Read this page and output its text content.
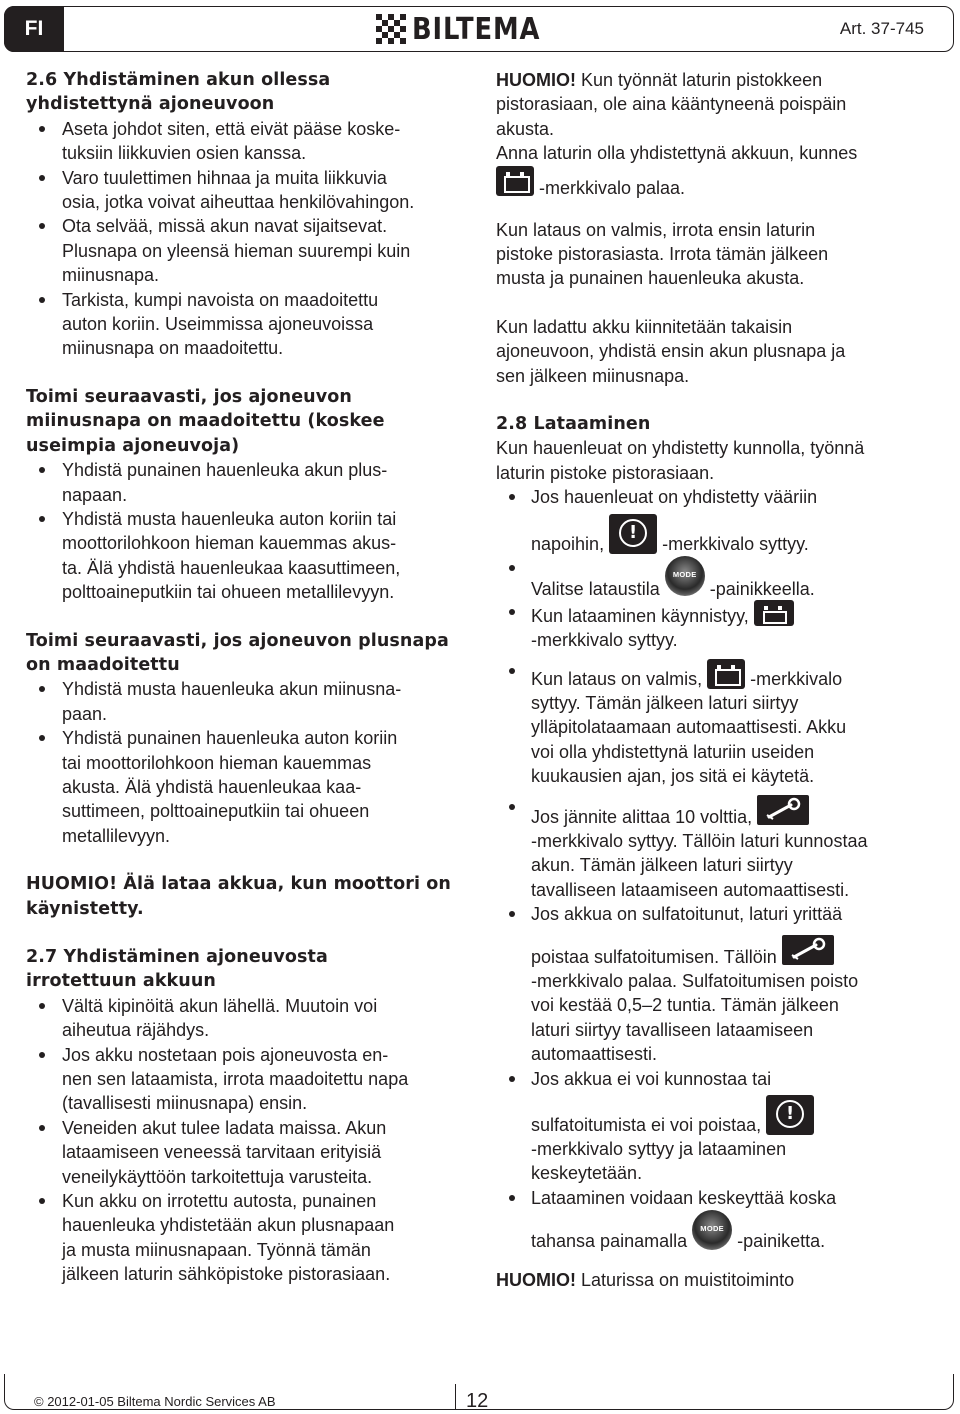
FI	BILTEMA	Art. 37-745
2.6 Yhdistäminen akun ollessa
yhdistettynä ajoneuvoon
Aseta johdot siten, että eivät pääse koske-
tuksiin liikkuvien osien kanssa.
Varo tuulettimen hihnaa ja muita liikkuvia
osia, jotka voivat aiheuttaa henkilövahingon.
Ota selvää, missä akun navat sijaitsevat.
Plusnapa on yleensä hieman suurempi kuin
miinusnapa.
Tarkista, kumpi navoista on maadoitettu
auton koriin. Useimmissa ajoneuvoissa
miinusnapa on maadoitettu.
Toimi seuraavasti, jos ajoneuvon
miinusnapa on maadoitettu (koskee
useimpia ajoneuvoja)
Yhdistä punainen hauenleuka akun plus-
napaan.
Yhdistä musta hauenleuka auton koriin tai
moottorilohkoon hieman kauemmas akus-
ta. Älä yhdistä hauenleukaa kaasuttimeen,
polttoaineputkiin tai ohueen metallilevyyn.
Toimi seuraavasti, jos ajoneuvon plusnapa
on maadoitettu
Yhdistä musta hauenleuka akun miinusna-
paan.
Yhdistä punainen hauenleuka auton koriin
tai moottorilohkoon hieman kauemmas
akusta. Älä yhdistä hauenleukaa kaa-
suttimeen, polttoaineputkiin tai ohueen
metallilevyyn.
HUOMIO! Älä lataa akkua, kun moottori on
käynistetty.
2.7 Yhdistäminen ajoneuvosta
irrotettuun akkuun
Vältä kipinöitä akun lähellä. Muutoin voi
aiheutua räjähdys.
Jos akku nostetaan pois ajoneuvosta en-
nen sen lataamista, irrota maadoitettu napa
(tavallisesti miinusnapa) ensin.
Veneiden akut tulee ladata maissa. Akun
lataamiseen veneessä tarvitaan erityisiä
veneilykäyttöön tarkoitettuja varusteita.
Kun akku on irrotettu autosta, punainen
hauenleuka yhdistetään akun plusnapaan
ja musta miinusnapaan. Työnnä tämän
jälkeen laturin sähköpistoke pistorasiaan.
HUOMIO! Kun työnnät laturin pistokkeen
pistorasiaan, ole aina kääntyneenä poispäin
akusta.
Anna laturin olla yhdistettynä akkuun, kunnes
-merkkivalo palaa.
Kun lataus on valmis, irrota ensin laturin
pistoke pistorasiasta. Irrota tämän jälkeen
musta ja punainen hauenleuka akusta.
Kun ladattu akku kiinnitetään takaisin
ajoneuvoon, yhdistä ensin akun plusnapa ja
sen jälkeen miinusnapa.
2.8 Lataaminen
Kun hauenleuat on yhdistetty kunnolla, työnnä
laturin pistoke pistorasiaan.
Jos hauenleuat on yhdistetty vääriin
napoihin,
!
-merkkivalo syttyy.
Valitse lataustila
MODE
-painikkeella.
Kun lataaminen käynnistyy,
-merkkivalo syttyy.
Kun lataus on valmis,  -merkkivalo
syttyy. Tämän jälkeen laturi siirtyy
ylläpitolataamaan automaattisesti. Akku
voi olla yhdistettynä laturiin useiden
kuukausien ajan, jos sitä ei käytetä.
Jos jännite alittaa 10 volttia,
-merkkivalo syttyy. Tällöin laturi kunnostaa
akun. Tämän jälkeen laturi siirtyy
tavalliseen lataamiseen automaattisesti.
Jos akkua on sulfatoitunut, laturi yrittää
poistaa sulfatoitumisen. Tällöin
-merkkivalo palaa. Sulfatoitumisen poisto
voi kestää 0,5–2 tuntia. Tämän jälkeen
laturi siirtyy tavalliseen lataamiseen
automaattisesti.
Jos akkua ei voi kunnostaa tai
sulfatoitumista ei voi poistaa,
!
-merkkivalo syttyy ja lataaminen
keskeytetään.
Lataaminen voidaan keskeyttää koska
tahansa painamalla
MODE
-painiketta.
HUOMIO! Laturissa on muistitoiminto
© 2012-01-05 Biltema Nordic Services AB	12
